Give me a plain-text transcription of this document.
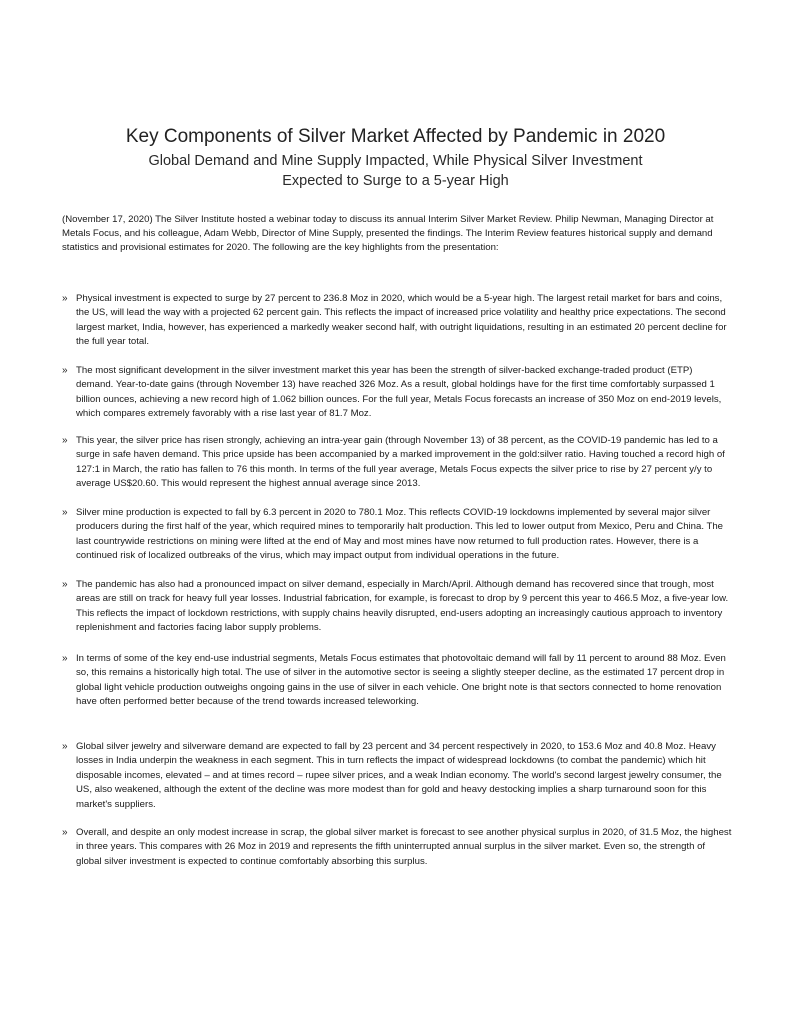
Key Components of Silver Market Affected by Pandemic in 2020
Global Demand and Mine Supply Impacted, While Physical Silver Investment
Expected to Surge to a 5-year High

(November 17, 2020) The Silver Institute hosted a webinar today to discuss its annual Interim Silver Market Review. Philip Newman, Managing Director at Metals Focus, and his colleague, Adam Webb, Director of Mine Supply, presented the findings. The Interim Review features historical supply and demand statistics and provisional estimates for 2020. The following are the key highlights from the presentation:

» Physical investment is expected to surge by 27 percent to 236.8 Moz in 2020, which would be a 5-year high. The largest retail market for bars and coins, the US, will lead the way with a projected 62 percent gain. This reflects the impact of increased price volatility and healthy price expectations. The second largest market, India, however, has experienced a markedly weaker second half, with outright liquidations, resulting in an estimated 20 percent decline for the full year total.
» The most significant development in the silver investment market this year has been the strength of silver-backed exchange-traded product (ETP) demand. Year-to-date gains (through November 13) have reached 326 Moz. As a result, global holdings have for the first time comfortably surpassed 1 billion ounces, achieving a new record high of 1.062 billion ounces. For the full year, Metals Focus forecasts an increase of 350 Moz on end-2019 levels, which compares extremely favorably with a rise last year of 81.7 Moz.
» This year, the silver price has risen strongly, achieving an intra-year gain (through November 13) of 38 percent, as the COVID-19 pandemic has led to a surge in safe haven demand. This price upside has been accompanied by a marked improvement in the gold:silver ratio. Having touched a record high of 127:1 in March, the ratio has fallen to 76 this month. In terms of the full year average, Metals Focus expects the silver price to rise by 27 percent y/y to average US$20.60. This would represent the highest annual average since 2013.
» Silver mine production is expected to fall by 6.3 percent in 2020 to 780.1 Moz. This reflects COVID-19 lockdowns implemented by several major silver producers during the first half of the year, which required mines to temporarily halt production. This led to lower output from Mexico, Peru and China. The last countrywide restrictions on mining were lifted at the end of May and most mines have now returned to full production rates. However, there is a continued risk of localized outbreaks of the virus, which may impact output from individual operations in the future.
» The pandemic has also had a pronounced impact on silver demand, especially in March/April. Although demand has recovered since that trough, most areas are still on track for heavy full year losses. Industrial fabrication, for example, is forecast to drop by 9 percent this year to 466.5 Moz, a five-year low. This reflects the impact of lockdown restrictions, with supply chains heavily disrupted, end-users adopting an increasingly cautious approach to inventory replenishment and factories facing labor supply problems.
» In terms of some of the key end-use industrial segments, Metals Focus estimates that photovoltaic demand will fall by 11 percent to around 88 Moz. Even so, this remains a historically high total. The use of silver in the automotive sector is seeing a slightly steeper decline, as the estimated 17 percent drop in global light vehicle production outweighs ongoing gains in the use of silver in each vehicle. One bright note is that sectors connected to home renovation have often performed better because of the trend towards increased teleworking.
» Global silver jewelry and silverware demand are expected to fall by 23 percent and 34 percent respectively in 2020, to 153.6 Moz and 40.8 Moz. Heavy losses in India underpin the weakness in each segment. This in turn reflects the impact of widespread lockdowns (to combat the pandemic) which hit disposable incomes, elevated – and at times record – rupee silver prices, and a weak Indian economy. The world's second largest jewelry consumer, the US, also weakened, although the extent of the decline was more modest than for gold and heavy destocking implies a sharp turnaround soon for this market's suppliers.
» Overall, and despite an only modest increase in scrap, the global silver market is forecast to see another physical surplus in 2020, of 31.5 Moz, the highest in three years. This compares with 26 Moz in 2019 and represents the fifth uninterrupted annual surplus in the silver market. Even so, the strength of global silver investment is expected to continue comfortably absorbing this surplus.
